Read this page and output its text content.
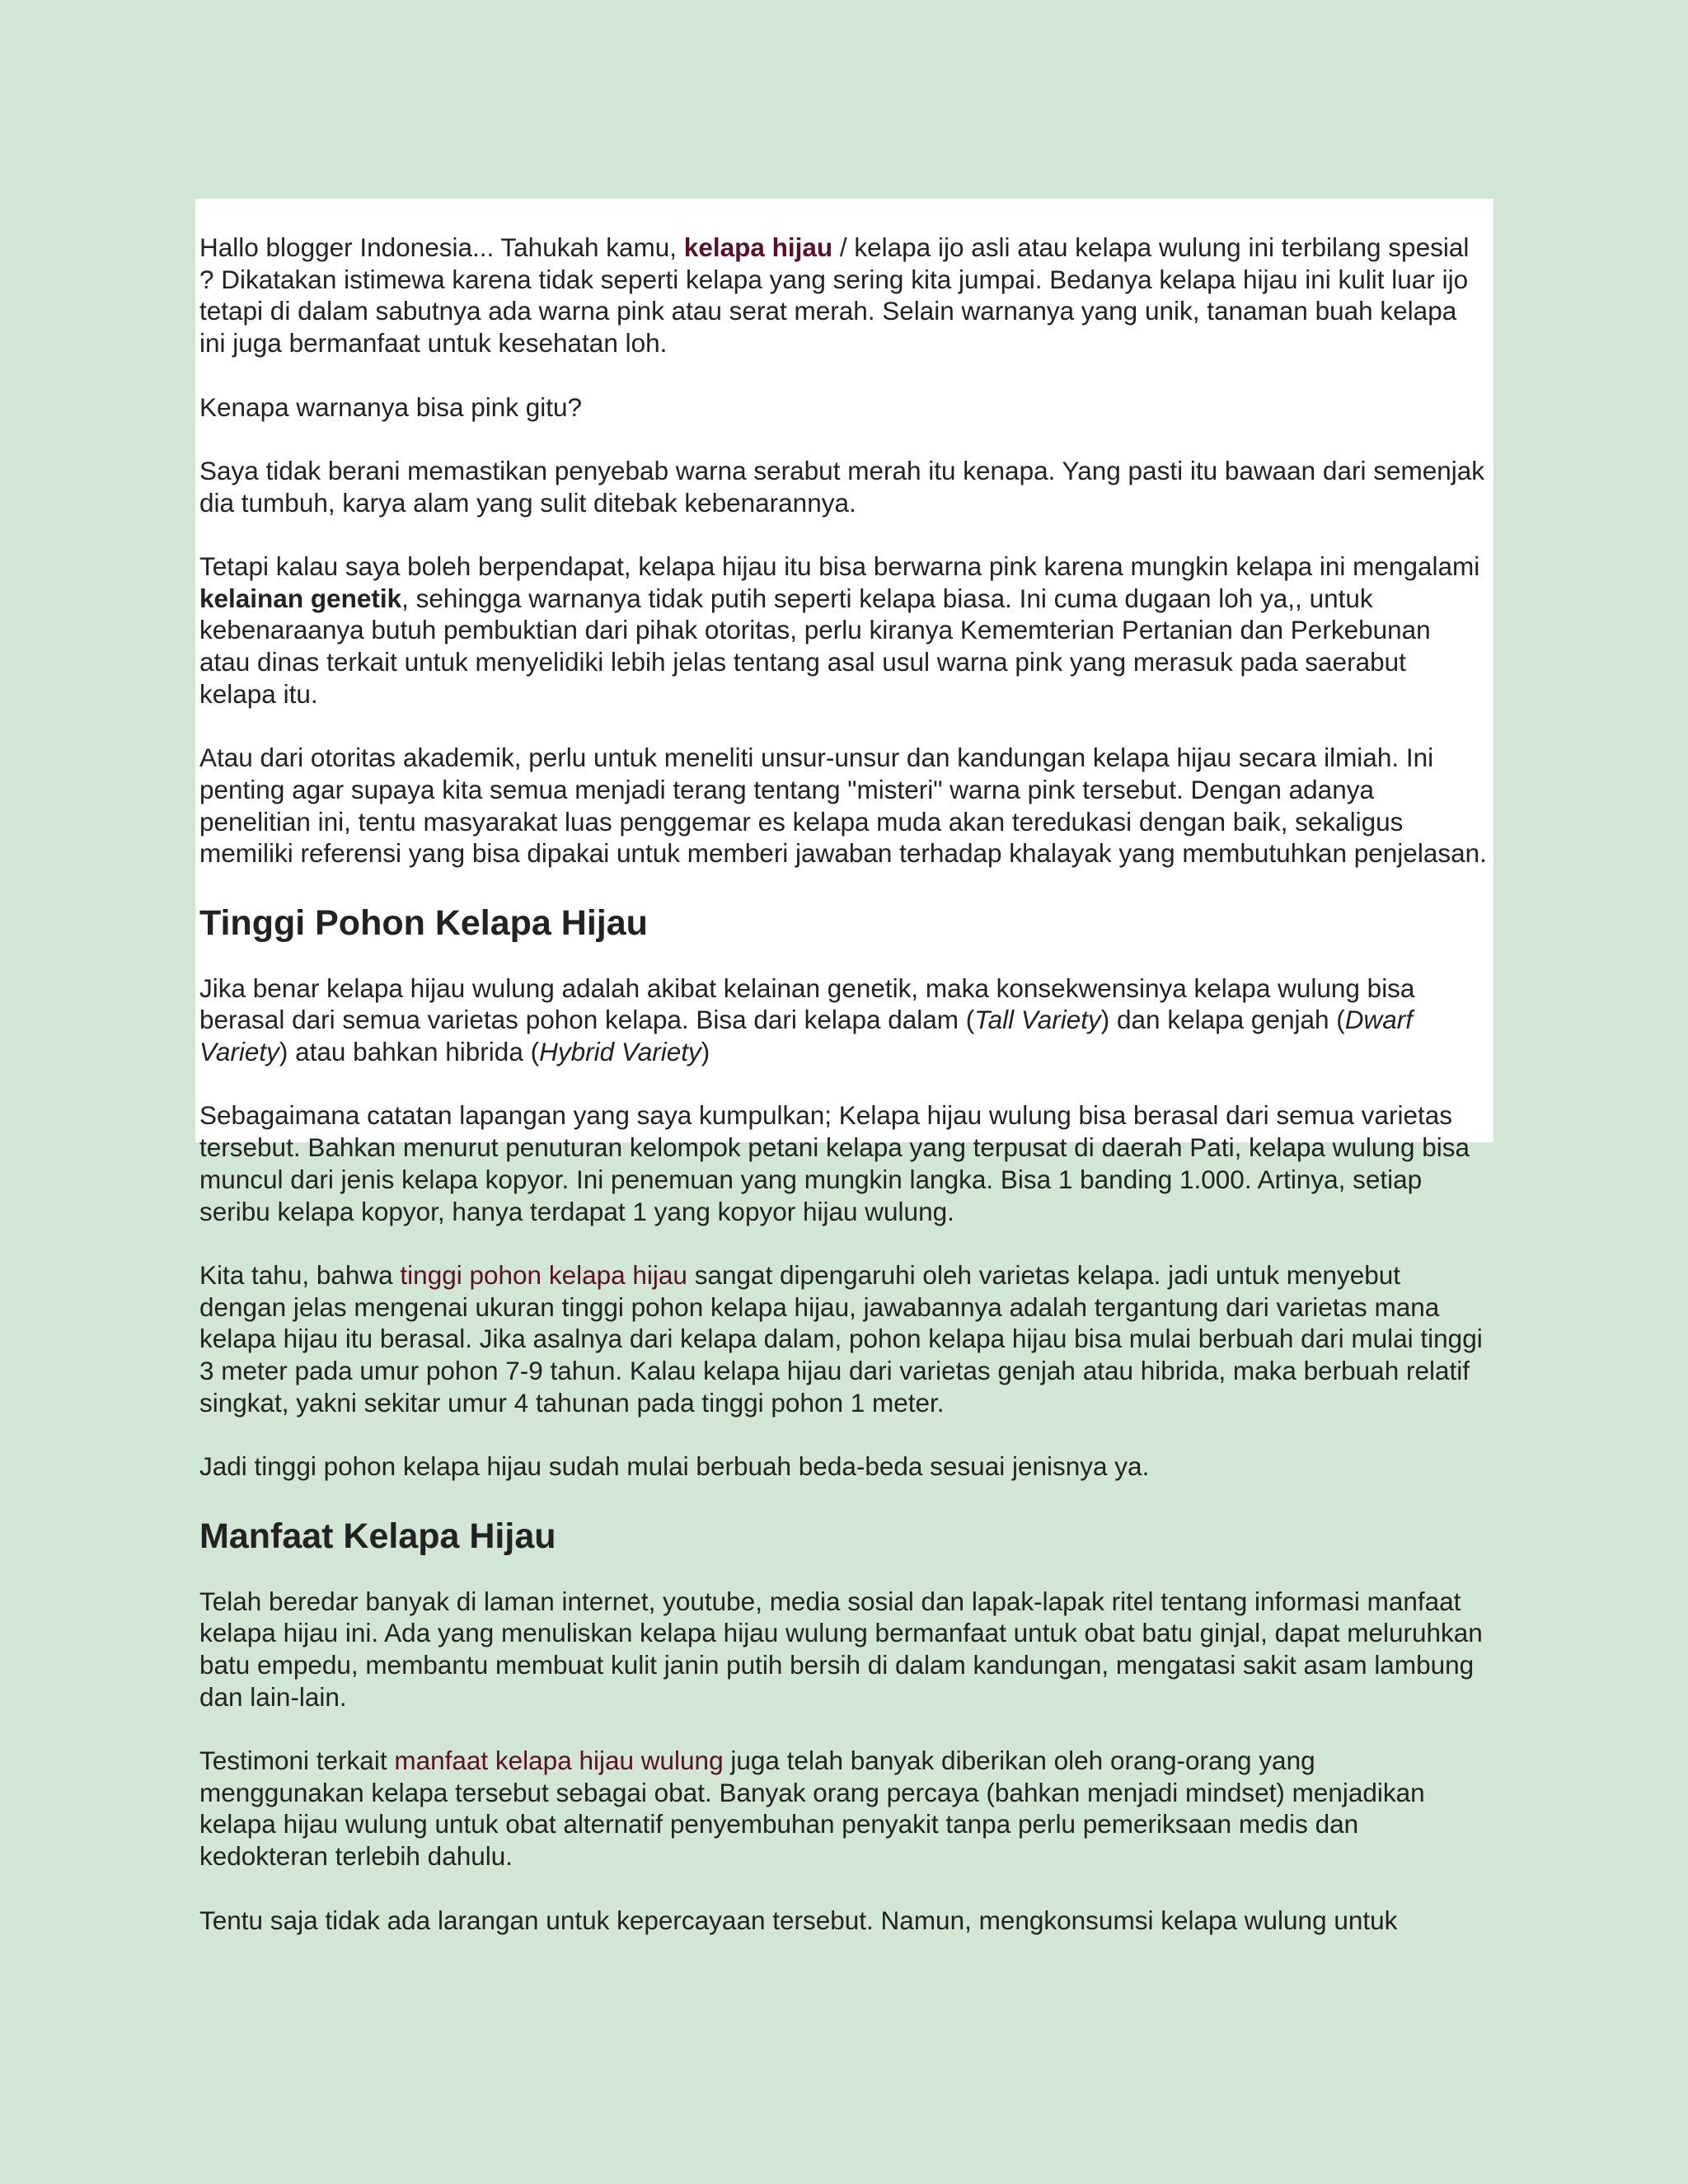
Hallo blogger Indonesia... Tahukah kamu, kelapa hijau / kelapa ijo asli atau kelapa wulung ini terbilang spesial ? Dikatakan istimewa karena tidak seperti kelapa yang sering kita jumpai. Bedanya kelapa hijau ini kulit luar ijo tetapi di dalam sabutnya ada warna pink atau serat merah. Selain warnanya yang unik, tanaman buah kelapa ini juga bermanfaat untuk kesehatan loh.

Kenapa warnanya bisa pink gitu?

Saya tidak berani memastikan penyebab warna serabut merah itu kenapa. Yang pasti itu bawaan dari semenjak dia tumbuh, karya alam yang sulit ditebak kebenarannya.

Tetapi kalau saya boleh berpendapat, kelapa hijau itu bisa berwarna pink karena mungkin kelapa ini mengalami kelainan genetik, sehingga warnanya tidak putih seperti kelapa biasa. Ini cuma dugaan loh ya,, untuk kebenaraanya butuh pembuktian dari pihak otoritas, perlu kiranya Kememterian Pertanian dan Perkebunan atau dinas terkait untuk menyelidiki lebih jelas tentang asal usul warna pink yang merasuk pada saerabut kelapa itu.

Atau dari otoritas akademik, perlu untuk meneliti unsur-unsur dan kandungan kelapa hijau secara ilmiah. Ini penting agar supaya kita semua menjadi terang tentang "misteri" warna pink tersebut. Dengan adanya penelitian ini, tentu masyarakat luas penggemar es kelapa muda akan teredukasi dengan baik, sekaligus memiliki referensi yang bisa dipakai untuk memberi jawaban terhadap khalayak yang membutuhkan penjelasan.

Tinggi Pohon Kelapa Hijau

Jika benar kelapa hijau wulung adalah akibat kelainan genetik, maka konsekwensinya kelapa wulung bisa berasal dari semua varietas pohon kelapa. Bisa dari kelapa dalam (Tall Variety) dan kelapa genjah (Dwarf Variety) atau bahkan hibrida (Hybrid Variety)

Sebagaimana catatan lapangan yang saya kumpulkan; Kelapa hijau wulung bisa berasal dari semua varietas tersebut. Bahkan menurut penuturan kelompok petani kelapa yang terpusat di daerah Pati, kelapa wulung bisa muncul dari jenis kelapa kopyor. Ini penemuan yang mungkin langka. Bisa 1 banding 1.000. Artinya, setiap seribu kelapa kopyor, hanya terdapat 1 yang kopyor hijau wulung.

Kita tahu, bahwa tinggi pohon kelapa hijau sangat dipengaruhi oleh varietas kelapa. jadi untuk menyebut dengan jelas mengenai ukuran tinggi pohon kelapa hijau, jawabannya adalah tergantung dari varietas mana kelapa hijau itu berasal. Jika asalnya dari kelapa dalam, pohon kelapa hijau bisa mulai berbuah dari mulai tinggi 3 meter pada umur pohon 7-9 tahun. Kalau kelapa hijau dari varietas genjah atau hibrida, maka berbuah relatif singkat, yakni sekitar umur 4 tahunan pada tinggi pohon 1 meter.

Jadi tinggi pohon kelapa hijau sudah mulai berbuah beda-beda sesuai jenisnya ya.

Manfaat Kelapa Hijau

Telah beredar banyak di laman internet, youtube, media sosial dan lapak-lapak ritel tentang informasi manfaat kelapa hijau ini. Ada yang menuliskan kelapa hijau wulung bermanfaat untuk obat batu ginjal, dapat meluruhkan batu empedu, membantu membuat kulit janin putih bersih di dalam kandungan, mengatasi sakit asam lambung dan lain-lain.

Testimoni terkait manfaat kelapa hijau wulung juga telah banyak diberikan oleh orang-orang yang menggunakan kelapa tersebut sebagai obat. Banyak orang percaya (bahkan menjadi mindset) menjadikan kelapa hijau wulung untuk obat alternatif penyembuhan penyakit tanpa perlu pemeriksaan medis dan kedokteran terlebih dahulu.

Tentu saja tidak ada larangan untuk kepercayaan tersebut. Namun, mengkonsumsi kelapa wulung untuk
